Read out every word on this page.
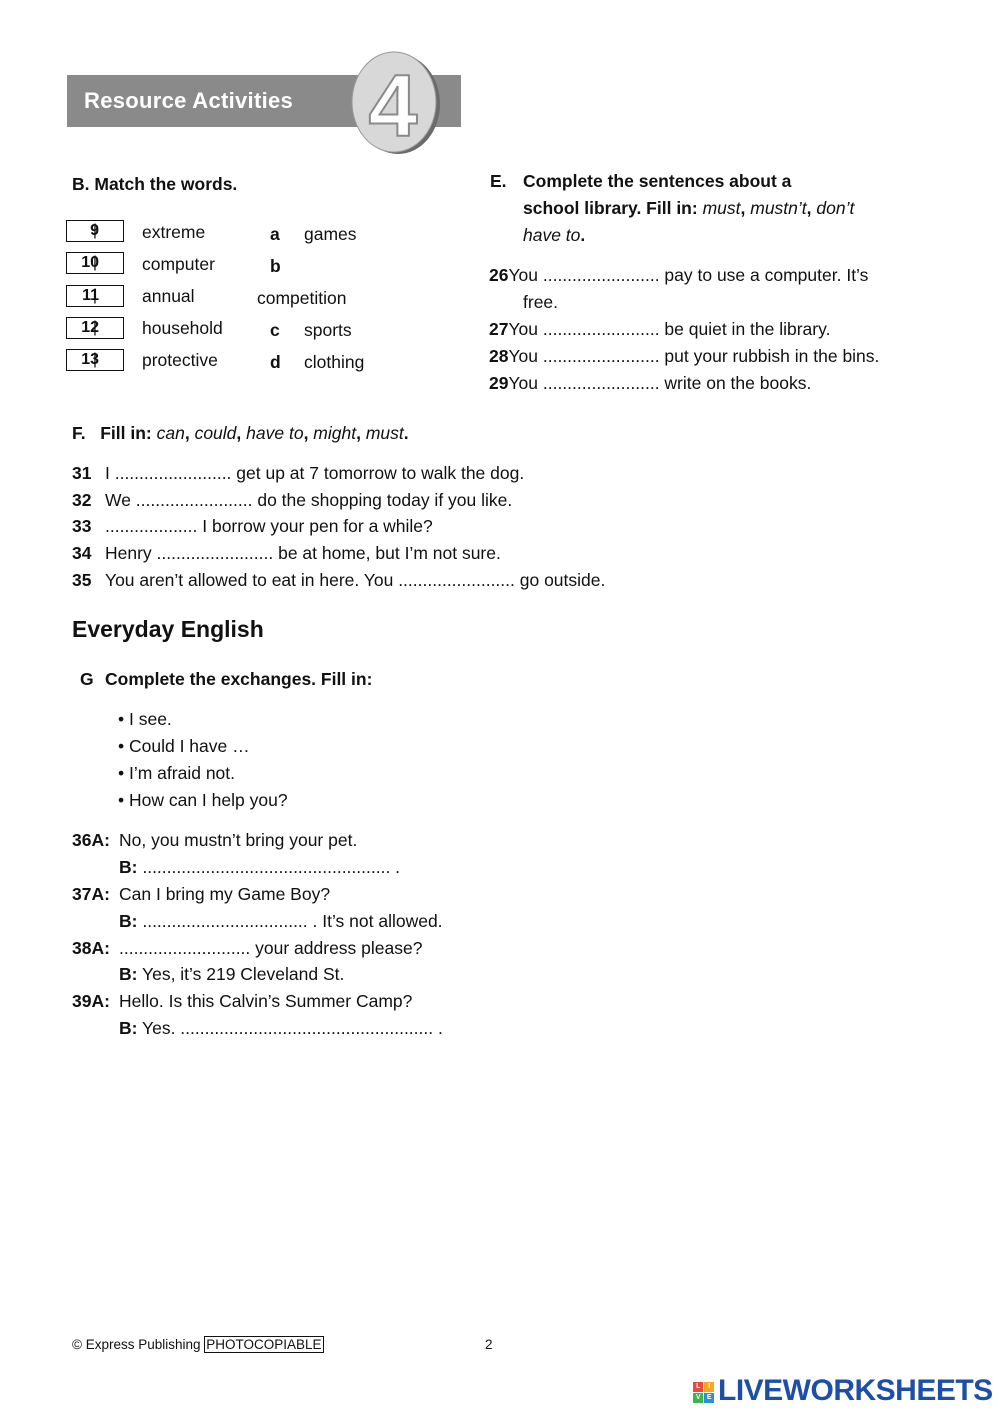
Resource Activities 4
B. Match the words.
9 |
10 |
11 |
12 |
13 |
extreme
computer
annual
household
protective
a games
b
competition
c sports
d clothing
E. Complete the sentences about a
school library. Fill in: must, mustn’t, don’t
have to.
26You ........................ pay to use a computer. It’s
free.
27You ........................ be quiet in the library.
28You ........................ put your rubbish in the bins.
29You ........................ write on the books.
F. Fill in: can, could, have to, might, must.
31 I ........................ get up at 7 tomorrow to walk the dog.
32 We ........................ do the shopping today if you like.
33 ................... I borrow your pen for a while?
34 Henry ........................ be at home, but I’m not sure.
35 You aren’t allowed to eat in here. You ........................ go outside.
Everyday English
G Complete the exchanges. Fill in:
• I see.
• Could I have …
• I’m afraid not.
• How can I help you?
36A: No, you mustn’t bring your pet.
B: ................................................... .
37A: Can I bring my Game Boy?
B: .................................. . It’s not allowed.
38A: ........................... your address please?
B: Yes, it’s 219 Cleveland St.
39A: Hello. Is this Calvin’s Summer Camp?
B: Yes. .................................................... .
© Express Publishing PHOTOCOPIABLE	2
L	I
V E LIVEWORKSHEETS
